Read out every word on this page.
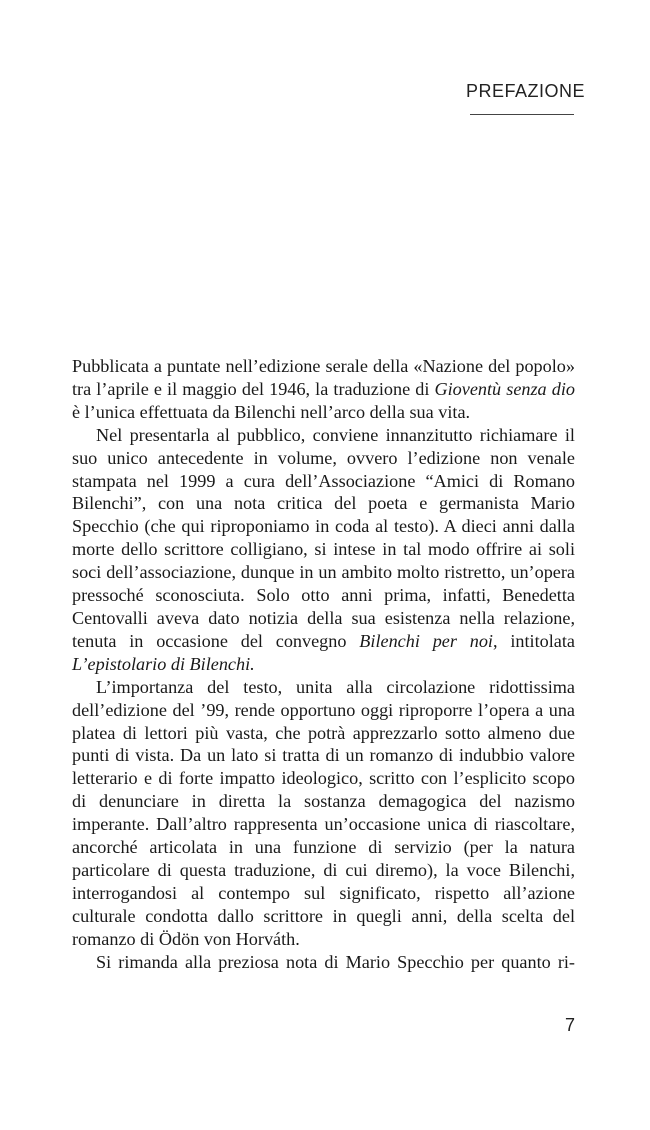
PREFAZIONE

Pubblicata a puntate nell’edizione serale della «Nazione del popolo» tra l’aprile e il maggio del 1946, la traduzione di Gioventù senza dio è l’unica effettuata da Bilenchi nell’arco della sua vita.

Nel presentarla al pubblico, conviene innanzitutto richiamare il suo unico antecedente in volume, ovvero l’edizione non venale stampata nel 1999 a cura dell’Associazione “Amici di Romano Bilenchi”, con una nota critica del poeta e germanista Mario Specchio (che qui riproponiamo in coda al testo). A dieci anni dalla morte dello scrittore colligiano, si intese in tal modo offrire ai soli soci dell’associazione, dunque in un ambito molto ristretto, un’opera pressoché sconosciuta. Solo otto anni prima, infatti, Benedetta Centovalli aveva dato notizia della sua esistenza nella relazione, tenuta in occasione del convegno Bilenchi per noi, intitolata L’epistolario di Bilenchi.

L’importanza del testo, unita alla circolazione ridottissima dell’edizione del ’99, rende opportuno oggi riproporre l’opera a una platea di lettori più vasta, che potrà apprezzarlo sotto almeno due punti di vista. Da un lato si tratta di un romanzo di indubbio valore letterario e di forte impatto ideologico, scritto con l’esplicito scopo di denunciare in diretta la sostanza demagogica del nazismo imperante. Dall’altro rappresenta un’occasione unica di riascoltare, ancorché articolata in una funzione di servizio (per la natura particolare di questa traduzione, di cui diremo), la voce Bilenchi, interrogandosi al contempo sul significato, rispetto all’azione culturale condotta dallo scrittore in quegli anni, della scelta del romanzo di Ödön von Horváth.

Si rimanda alla preziosa nota di Mario Specchio per quanto ri-

7
